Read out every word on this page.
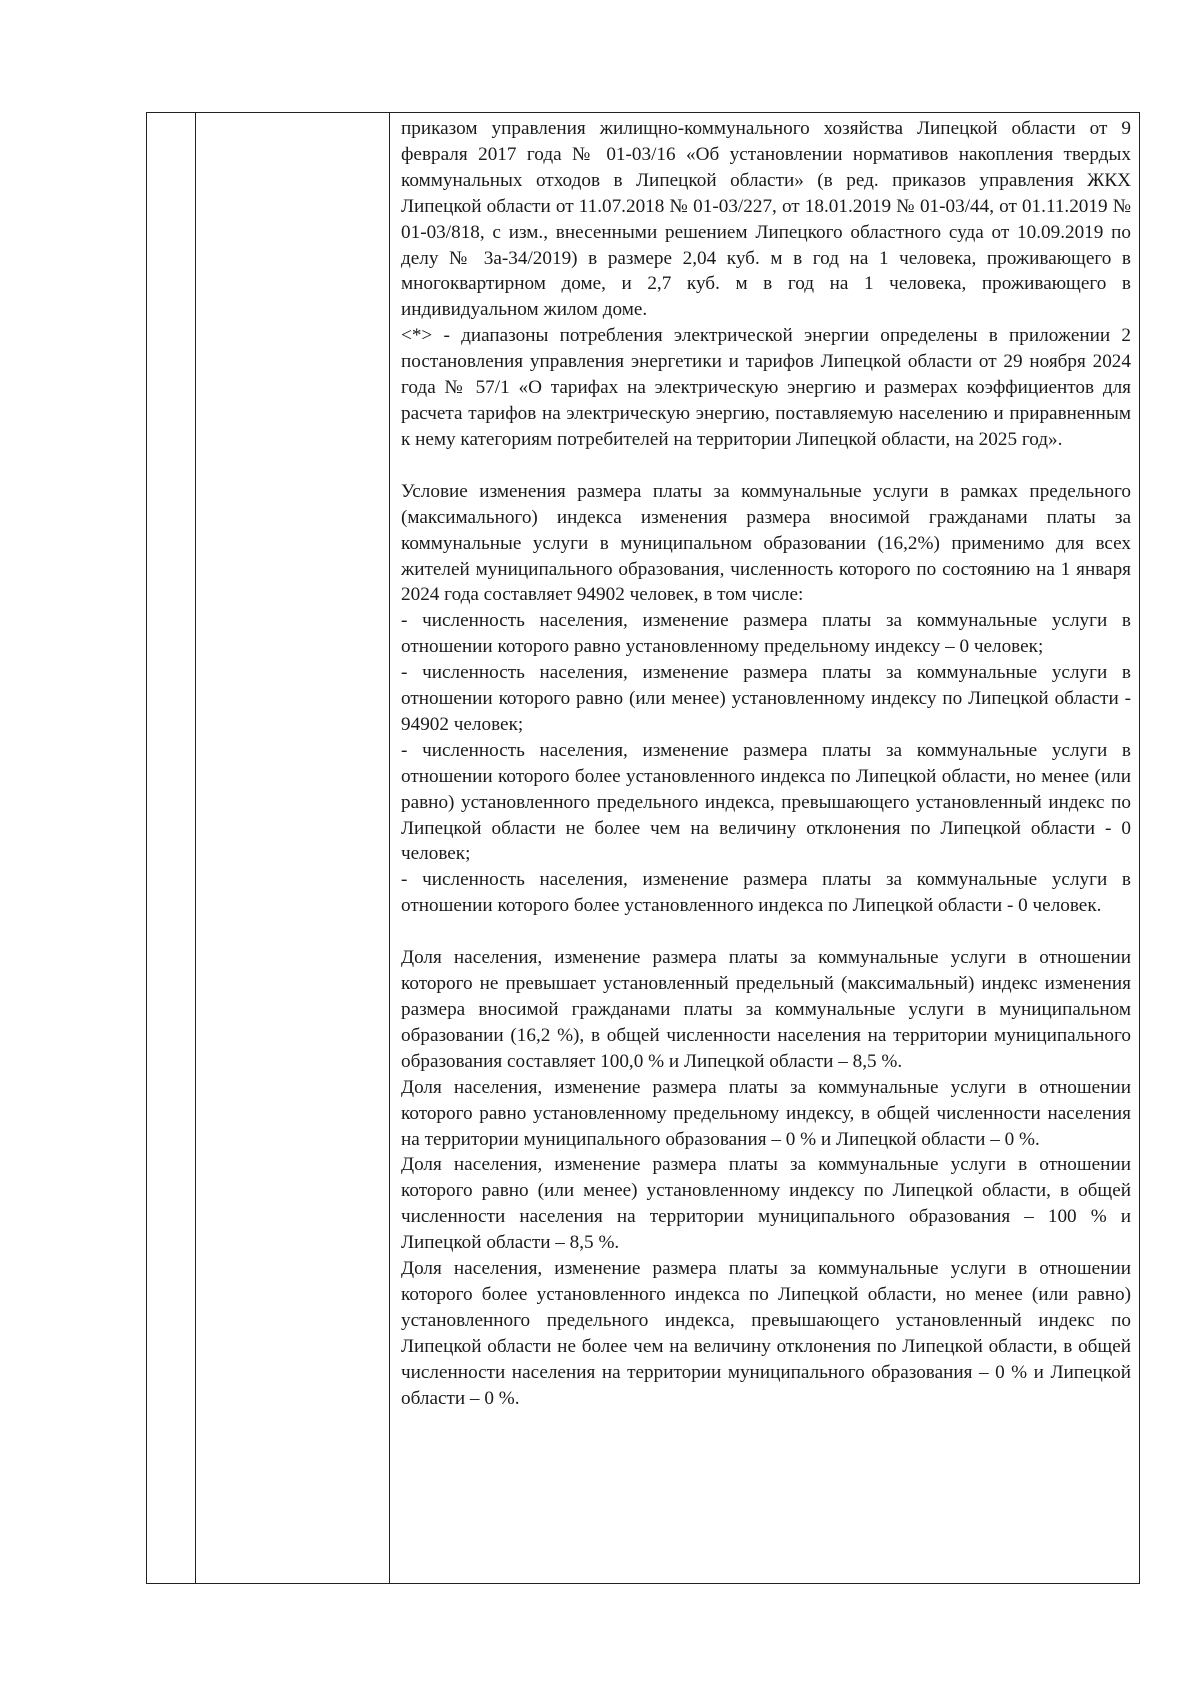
приказом управления жилищно-коммунального хозяйства Липецкой области от 9 февраля 2017 года № 01-03/16 «Об установлении нормативов накопления твердых коммунальных отходов в Липецкой области» (в ред. приказов управления ЖКХ Липецкой области от 11.07.2018 № 01-03/227, от 18.01.2019 № 01-03/44, от 01.11.2019 № 01-03/818, с изм., внесенными решением Липецкого областного суда от 10.09.2019 по делу № 3а-34/2019) в размере 2,04 куб. м в год на 1 человека, проживающего в многоквартирном доме, и 2,7 куб. м в год на 1 человека, проживающего в индивидуальном жилом доме.

<*> - диапазоны потребления электрической энергии определены в приложении 2 постановления управления энергетики и тарифов Липецкой области от 29 ноября 2024 года № 57/1 «О тарифах на электрическую энергию и размерах коэффициентов для расчета тарифов на электрическую энергию, поставляемую населению и приравненным к нему категориям потребителей на территории Липецкой области, на 2025 год».

Условие изменения размера платы за коммунальные услуги в рамках предельного (максимального) индекса изменения размера вносимой гражданами платы за коммунальные услуги в муниципальном образовании (16,2%) применимо для всех жителей муниципального образования, численность которого по состоянию на 1 января 2024 года составляет 94902 человек, в том числе:

- численность населения, изменение размера платы за коммунальные услуги в отношении которого равно установленному предельному индексу – 0 человек;

- численность населения, изменение размера платы за коммунальные услуги в отношении которого равно (или менее) установленному индексу по Липецкой области - 94902 человек;

- численность населения, изменение размера платы за коммунальные услуги в отношении которого более установленного индекса по Липецкой области, но менее (или равно) установленного предельного индекса, превышающего установленный индекс по Липецкой области не более чем на величину отклонения по Липецкой области - 0 человек;

- численность населения, изменение размера платы за коммунальные услуги в отношении которого более установленного индекса по Липецкой области - 0 человек.

Доля населения, изменение размера платы за коммунальные услуги в отношении которого не превышает установленный предельный (максимальный) индекс изменения размера вносимой гражданами платы за коммунальные услуги в муниципальном образовании (16,2 %), в общей численности населения на территории муниципального образования составляет 100,0 % и Липецкой области – 8,5 %.

Доля населения, изменение размера платы за коммунальные услуги в отношении которого равно установленному предельному индексу, в общей численности населения на территории муниципального образования – 0 % и Липецкой области – 0 %.

Доля населения, изменение размера платы за коммунальные услуги в отношении которого равно (или менее) установленному индексу по Липецкой области, в общей численности населения на территории муниципального образования – 100 % и Липецкой области – 8,5 %.

Доля населения, изменение размера платы за коммунальные услуги в отношении которого более установленного индекса по Липецкой области, но менее (или равно) установленного предельного индекса, превышающего установленный индекс по Липецкой области не более чем на величину отклонения по Липецкой области, в общей численности населения на территории муниципального образования – 0 % и Липецкой области – 0 %.
